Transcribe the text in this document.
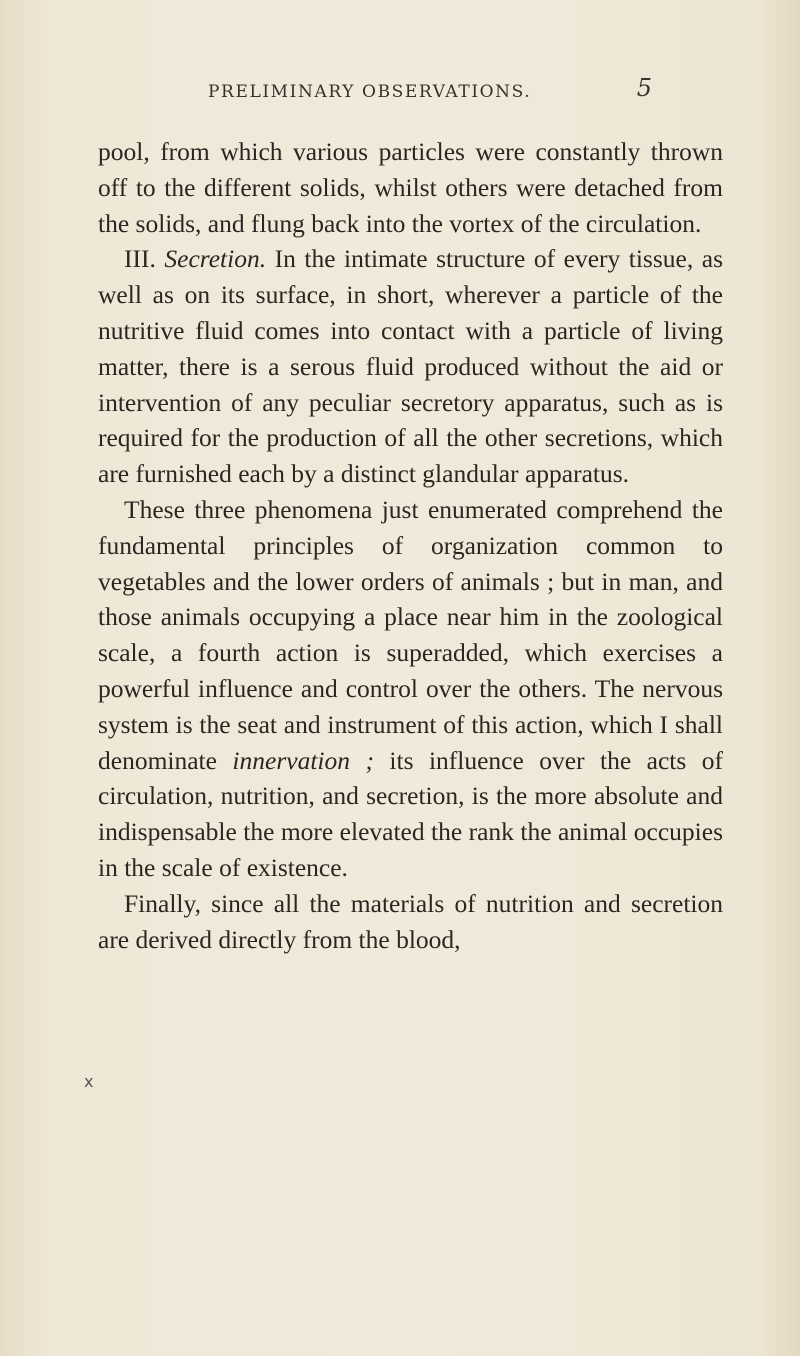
PRELIMINARY OBSERVATIONS.	5

pool, from which various particles were constantly thrown off to the different solids, whilst others were detached from the solids, and flung back into the vortex of the circulation.

III. Secretion. In the intimate structure of every tissue, as well as on its surface, in short, wherever a particle of the nutritive fluid comes into contact with a particle of living matter, there is a serous fluid produced without the aid or intervention of any peculiar secretory apparatus, such as is required for the production of all the other secretions, which are furnished each by a distinct glandular apparatus.

These three phenomena just enumerated comprehend the fundamental principles of organization common to vegetables and the lower orders of animals ; but in man, and those animals occupying a place near him in the zoological scale, a fourth action is superadded, which exercises a powerful influence and control over the others. The nervous system is the seat and instrument of this action, which I shall denominate innervation ; its influence over the acts of circulation, nutrition, and secretion, is the more absolute and indispensable the more elevated the rank the animal occupies in the scale of existence.

Finally, since all the materials of nutrition and secretion are derived directly from the blood,

x
